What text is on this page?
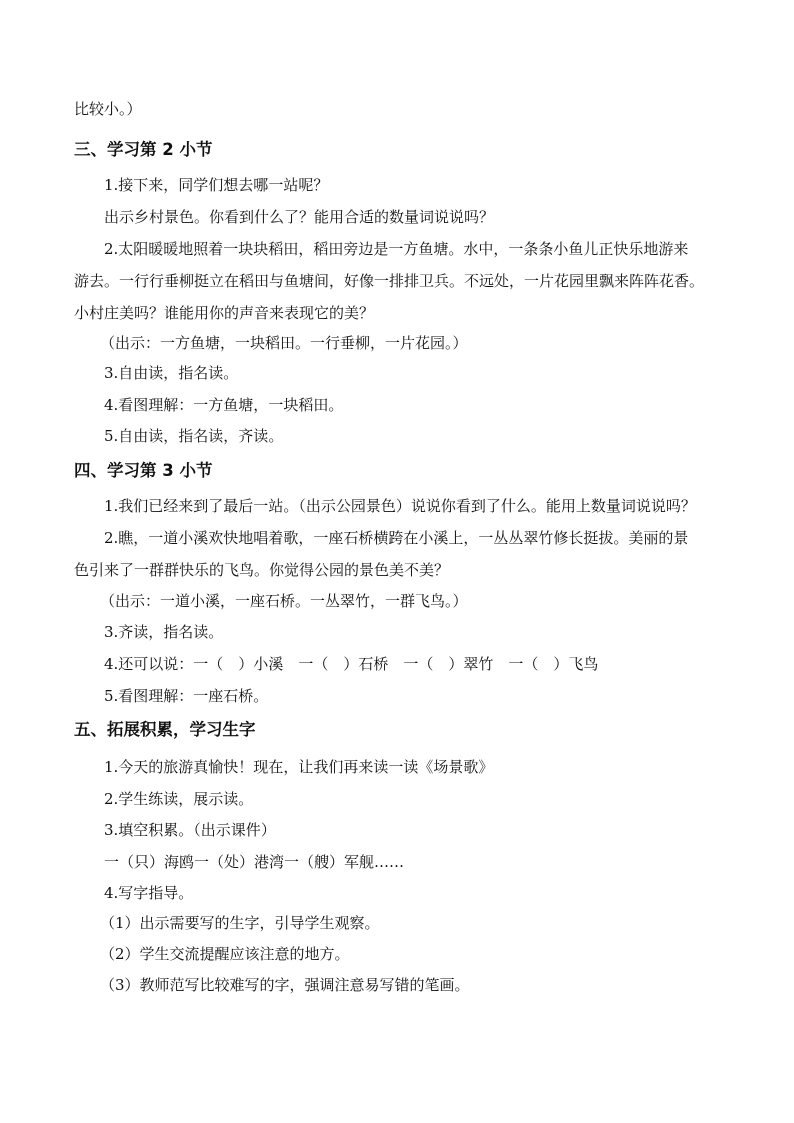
比较小。）
三、学习第 2 小节
1.接下来，同学们想去哪一站呢？
出示乡村景色。你看到什么了？能用合适的数量词说说吗？
2.太阳暖暖地照着一块块稻田，稻田旁边是一方鱼塘。水中，一条条小鱼儿正快乐地游来
游去。一行行垂柳挺立在稻田与鱼塘间，好像一排排卫兵。不远处，一片花园里飘来阵阵花香。
小村庄美吗？谁能用你的声音来表现它的美？
（出示：一方鱼塘，一块稻田。一行垂柳，一片花园。）
3.自由读，指名读。
4.看图理解：一方鱼塘，一块稻田。
5.自由读，指名读，齐读。
四、学习第 3 小节
1.我们已经来到了最后一站。（出示公园景色）说说你看到了什么。能用上数量词说说吗？
2.瞧，一道小溪欢快地唱着歌，一座石桥横跨在小溪上，一丛丛翠竹修长挺拔。美丽的景
色引来了一群群快乐的飞鸟。你觉得公园的景色美不美？
（出示：一道小溪，一座石桥。一丛翠竹，一群飞鸟。）
3.齐读，指名读。
4.还可以说：一（　）小溪　一（　）石桥　一（　）翠竹　一（　）飞鸟
5.看图理解：一座石桥。
五、拓展积累，学习生字
1.今天的旅游真愉快！现在，让我们再来读一读《场景歌》
2.学生练读，展示读。
3.填空积累。（出示课件）
一（只）海鸥一（处）港湾一（艘）军舰……
4.写字指导。
（1）出示需要写的生字，引导学生观察。
（2）学生交流提醒应该注意的地方。
（3）教师范写比较难写的字，强调注意易写错的笔画。
